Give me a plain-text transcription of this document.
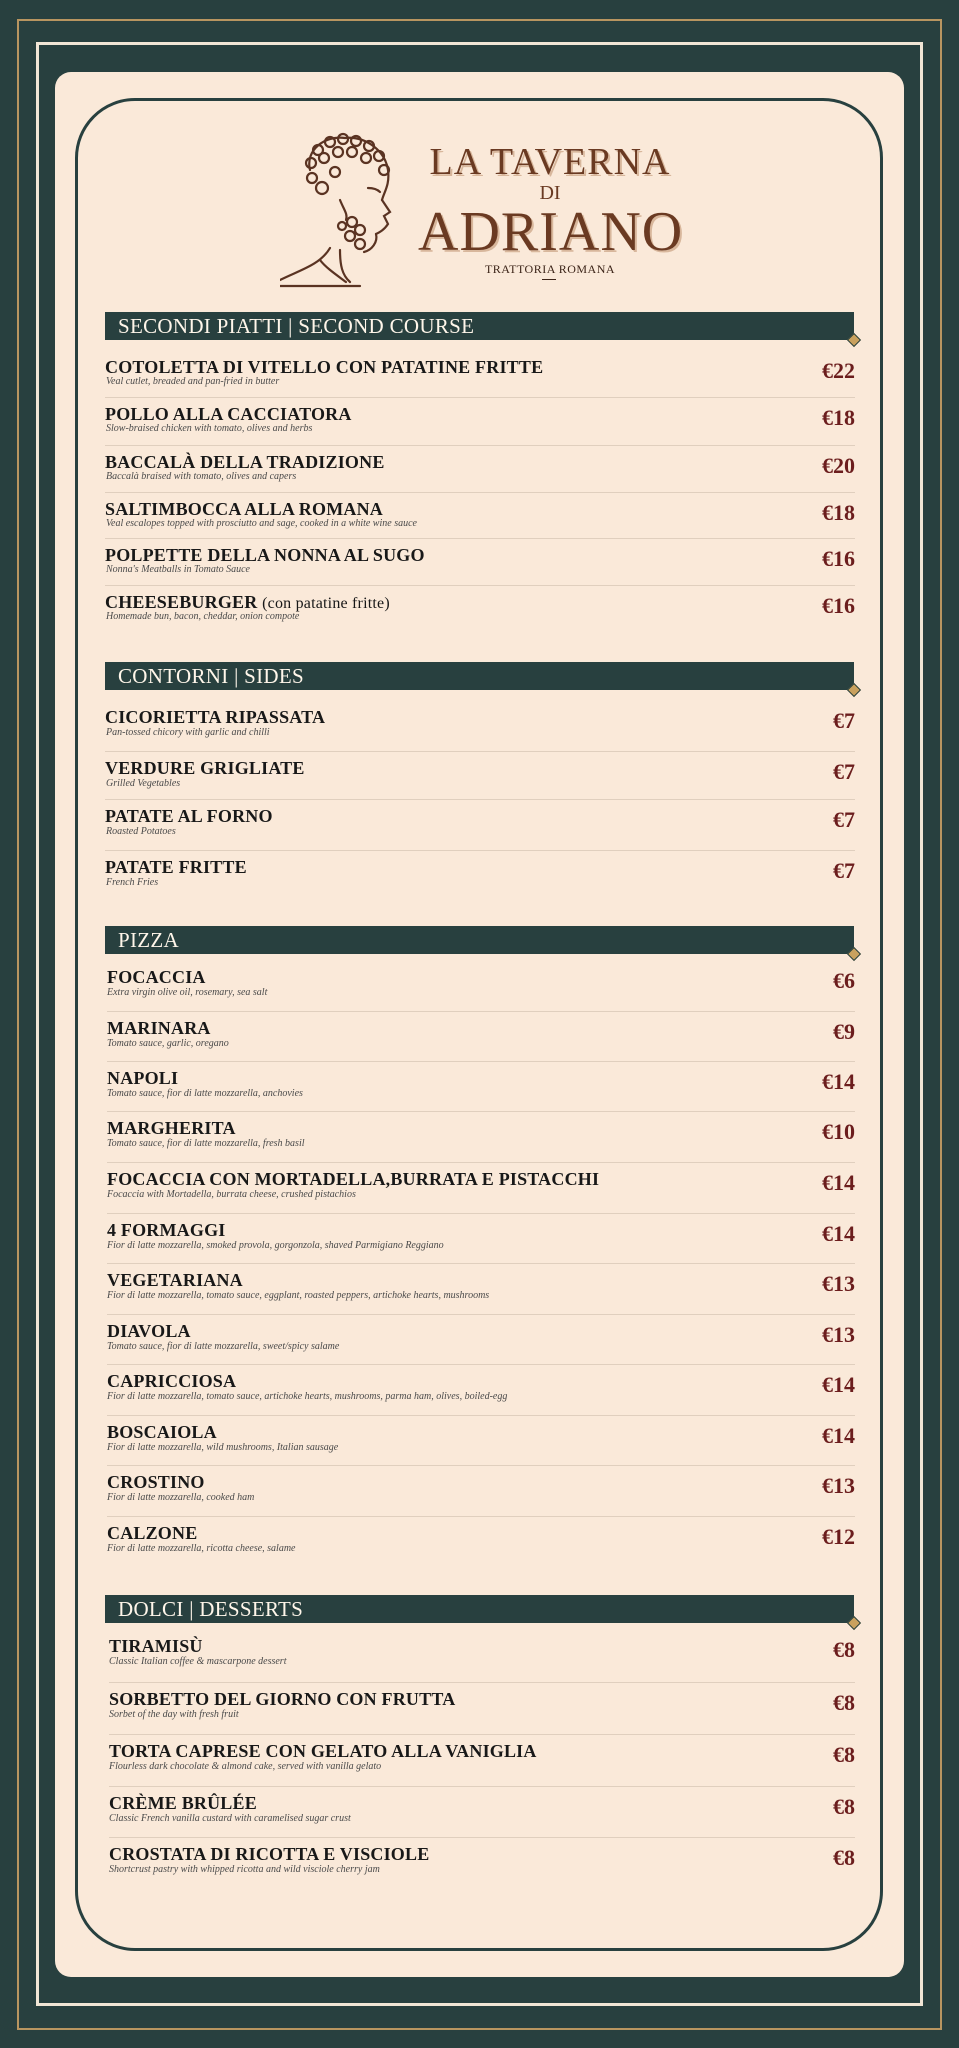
LA TAVERNA
DI
ADRIANO
TRATTORIA ROMANA
SECONDI PIATTI | SECOND COURSE
COTOLETTA DI VITELLO CON PATATINE FRITTE
Veal cutlet, breaded and pan-fried in butter	€22
POLLO ALLA CACCIATORA
Slow-braised chicken with tomato, olives and herbs	€18
BACCALÀ DELLA TRADIZIONE
Baccalà braised with tomato, olives and capers	€20
SALTIMBOCCA ALLA ROMANA
Veal escalopes topped with prosciutto and sage, cooked in a white wine sauce	€18
POLPETTE DELLA NONNA AL SUGO
Nonna's Meatballs in Tomato Sauce	€16
CHEESEBURGER (con patatine fritte)
Homemade bun, bacon, cheddar, onion compote	€16
CONTORNI | SIDES
CICORIETTA RIPASSATA
Pan-tossed chicory with garlic and chilli	€7
VERDURE GRIGLIATE
Grilled Vegetables	€7
PATATE AL FORNO
Roasted Potatoes	€7
PATATE FRITTE
French Fries	€7
PIZZA
FOCACCIA
Extra virgin olive oil, rosemary, sea salt	€6
MARINARA
Tomato sauce, garlic, oregano	€9
NAPOLI
Tomato sauce, fior di latte mozzarella, anchovies	€14
MARGHERITA
Tomato sauce, fior di latte mozzarella, fresh basil	€10
FOCACCIA CON MORTADELLA,BURRATA E PISTACCHI
Focaccia with Mortadella, burrata cheese, crushed pistachios	€14
4 FORMAGGI
Fior di latte mozzarella, smoked provola, gorgonzola, shaved Parmigiano Reggiano	€14
VEGETARIANA
Fior di latte mozzarella, tomato sauce, eggplant, roasted peppers, artichoke hearts, mushrooms	€13
DIAVOLA
Tomato sauce, fior di latte mozzarella, sweet/spicy salame	€13
CAPRICCIOSA
Fior di latte mozzarella, tomato sauce, artichoke hearts, mushrooms, parma ham, olives, boiled-egg	€14
BOSCAIOLA
Fior di latte mozzarella, wild mushrooms, Italian sausage	€14
CROSTINO
Fior di latte mozzarella, cooked ham	€13
CALZONE
Fior di latte mozzarella, ricotta cheese, salame	€12
DOLCI | DESSERTS
TIRAMISÙ
Classic Italian coffee & mascarpone dessert	€8
SORBETTO DEL GIORNO CON FRUTTA
Sorbet of the day with fresh fruit	€8
TORTA CAPRESE CON GELATO ALLA VANIGLIA
Flourless dark chocolate & almond cake, served with vanilla gelato	€8
CRÈME BRÛLÉE
Classic French vanilla custard with caramelised sugar crust	€8
CROSTATA DI RICOTTA E VISCIOLE
Shortcrust pastry with whipped ricotta and wild visciole cherry jam	€8
